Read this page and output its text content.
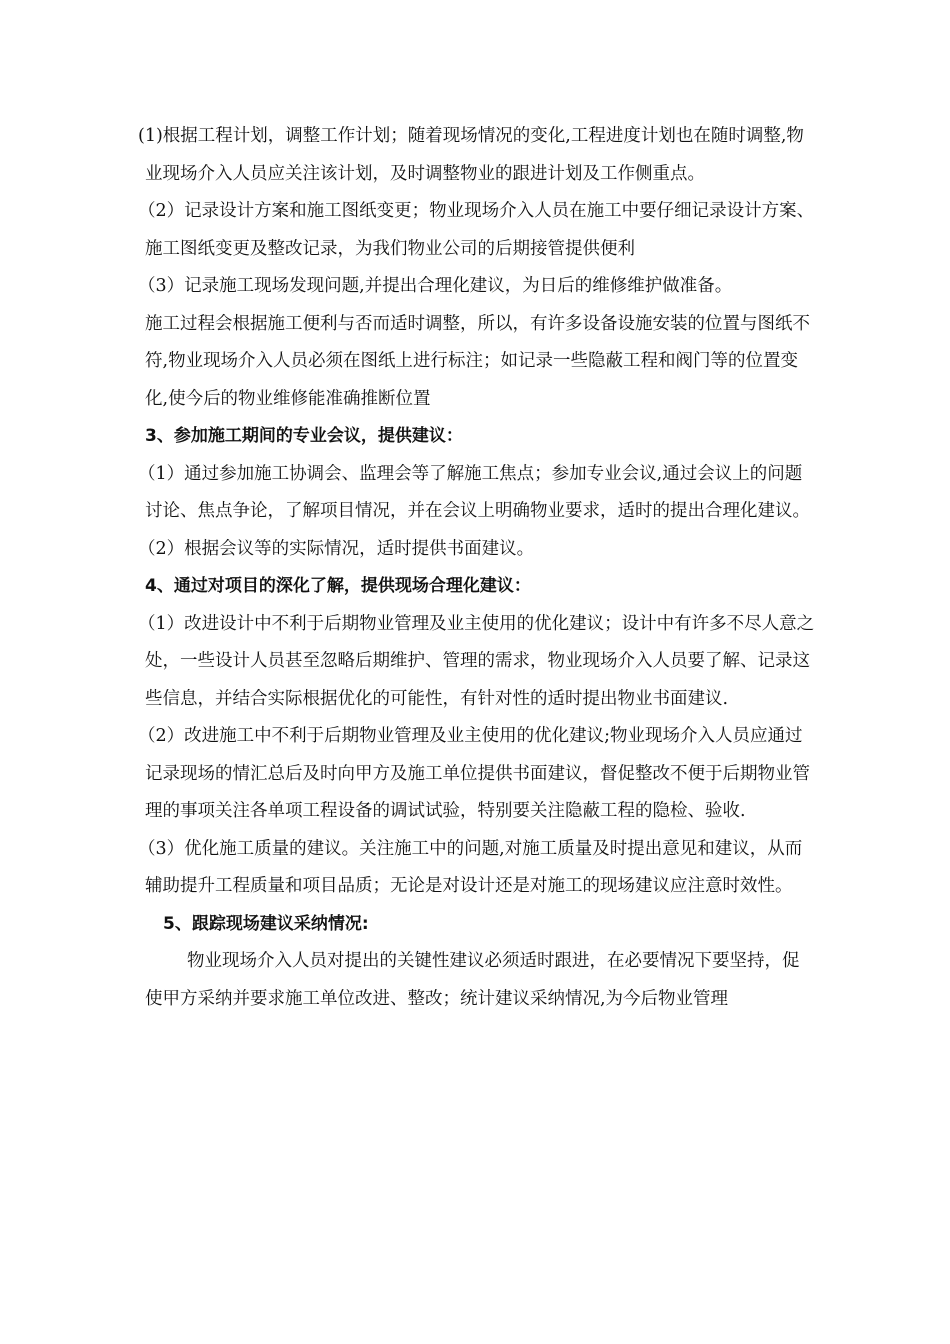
(1)根据工程计划，调整工作计划；随着现场情况的变化,工程进度计划也在随时调整,物业现场介入人员应关注该计划，及时调整物业的跟进计划及工作侧重点。

（2）记录设计方案和施工图纸变更；物业现场介入人员在施工中要仔细记录设计方案、施工图纸变更及整改记录，为我们物业公司的后期接管提供便利

（3）记录施工现场发现问题,并提出合理化建议，为日后的维修维护做准备。

施工过程会根据施工便利与否而适时调整，所以，有许多设备设施安装的位置与图纸不符,物业现场介入人员必须在图纸上进行标注；如记录一些隐蔽工程和阀门等的位置变化,使今后的物业维修能准确推断位置

3、参加施工期间的专业会议，提供建议：

（1）通过参加施工协调会、监理会等了解施工焦点；参加专业会议,通过会议上的问题讨论、焦点争论，了解项目情况，并在会议上明确物业要求，适时的提出合理化建议。

（2）根据会议等的实际情况，适时提供书面建议。

4、通过对项目的深化了解，提供现场合理化建议：

（1）改进设计中不利于后期物业管理及业主使用的优化建议；设计中有许多不尽人意之处，一些设计人员甚至忽略后期维护、管理的需求，物业现场介入人员要了解、记录这些信息，并结合实际根据优化的可能性，有针对性的适时提出物业书面建议.

（2）改进施工中不利于后期物业管理及业主使用的优化建议;物业现场介入人员应通过记录现场的情汇总后及时向甲方及施工单位提供书面建议，督促整改不便于后期物业管理的事项关注各单项工程设备的调试试验，特别要关注隐蔽工程的隐检、验收.

（3）优化施工质量的建议。关注施工中的问题,对施工质量及时提出意见和建议，从而辅助提升工程质量和项目品质；无论是对设计还是对施工的现场建议应注意时效性。

5、跟踪现场建议采纳情况:

物业现场介入人员对提出的关键性建议必须适时跟进，在必要情况下要坚持，促使甲方采纳并要求施工单位改进、整改；统计建议采纳情况,为今后物业管理
